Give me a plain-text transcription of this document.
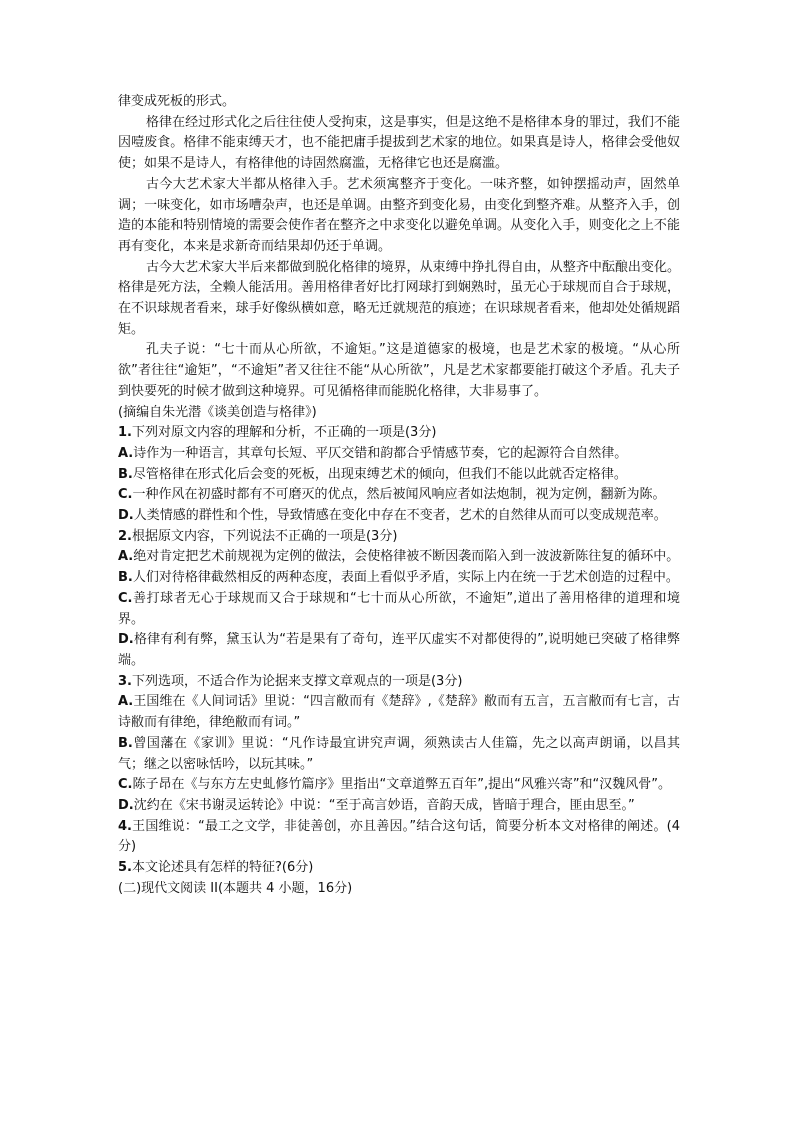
律变成死板的形式。

格律在经过形式化之后往往使人受拘束，这是事实，但是这绝不是格律本身的罪过，我们不能因噎废食。格律不能束缚天才，也不能把庸手提拔到艺术家的地位。如果真是诗人，格律会受他奴使；如果不是诗人，有格律他的诗固然腐滥，无格律它也还是腐滥。

古今大艺术家大半都从格律入手。艺术须寓整齐于变化。一味齐整，如钟摆摇动声，固然单调；一味变化，如市场嘈杂声，也还是单调。由整齐到变化易，由变化到整齐难。从整齐入手，创造的本能和特别情境的需要会使作者在整齐之中求变化以避免单调。从变化入手，则变化之上不能再有变化，本来是求新奇而结果却仍还于单调。

古今大艺术家大半后来都做到脱化格律的境界，从束缚中挣扎得自由，从整齐中酝酿出变化。格律是死方法，全赖人能活用。善用格律者好比打网球打到娴熟时，虽无心于球规而自合于球规，在不识球规者看来，球手好像纵横如意，略无迁就规范的痕迹；在识球规者看来，他却处处循规蹈矩。

孔夫子说：“七十而从心所欲，不逾矩。”这是道德家的极境，也是艺术家的极境。“从心所欲”者往往“逾矩”，“不逾矩”者又往往不能“从心所欲”，凡是艺术家都要能打破这个矛盾。孔夫子到快要死的时候才做到这种境界。可见循格律而能脱化格律，大非易事了。

(摘编自朱光潜《谈美创造与格律》)

1.下列对原文内容的理解和分析，不正确的一项是(3分)

A.诗作为一种语言，其章句长短、平仄交错和韵都合乎情感节奏，它的起源符合自然律。

B.尽管格律在形式化后会变的死板，出现束缚艺术的倾向，但我们不能以此就否定格律。

C.一种作风在初盛时都有不可磨灭的优点，然后被闻风响应者如法炮制，视为定例，翻新为陈。

D.人类情感的群性和个性，导致情感在变化中存在不变者，艺术的自然律从而可以变成规范率。

2.根据原文内容，下列说法不正确的一项是(3分)

A.绝对肯定把艺术前规视为定例的做法，会使格律被不断因袭而陷入到一波波新陈往复的循环中。

B.人们对待格律截然相反的两种态度，表面上看似乎矛盾，实际上内在统一于艺术创造的过程中。

C.善打球者无心于球规而又合于球规和“七十而从心所欲，不逾矩”,道出了善用格律的道理和境界。

D.格律有利有弊，黛玉认为“若是果有了奇句，连平仄虚实不对都使得的”,说明她已突破了格律弊端。

3.下列选项，不适合作为论据来支撑文章观点的一项是(3分)

A.王国维在《人间词话》里说：“四言敝而有《楚辞》,《楚辞》敝而有五言，五言敝而有七言，古诗敝而有律绝，律绝敝而有词。”

B.曾国藩在《家训》里说：“凡作诗最宜讲究声调，须熟读古人佳篇，先之以高声朗诵，以昌其气；继之以密咏恬吟，以玩其味。”

C.陈子昂在《与东方左史虬修竹篇序》里指出“文章道弊五百年”,提出“风雅兴寄”和“汉魏风骨”。

D.沈约在《宋书谢灵运转论》中说：“至于高言妙语，音韵天成，皆暗于理合，匪由思至。”

4.王国维说：“最工之文学，非徒善创，亦且善因。”结合这句话，简要分析本文对格律的阐述。(4 分)

5.本文论述具有怎样的特征?(6分)

(二)现代文阅读 II(本题共 4 小题，16分)
